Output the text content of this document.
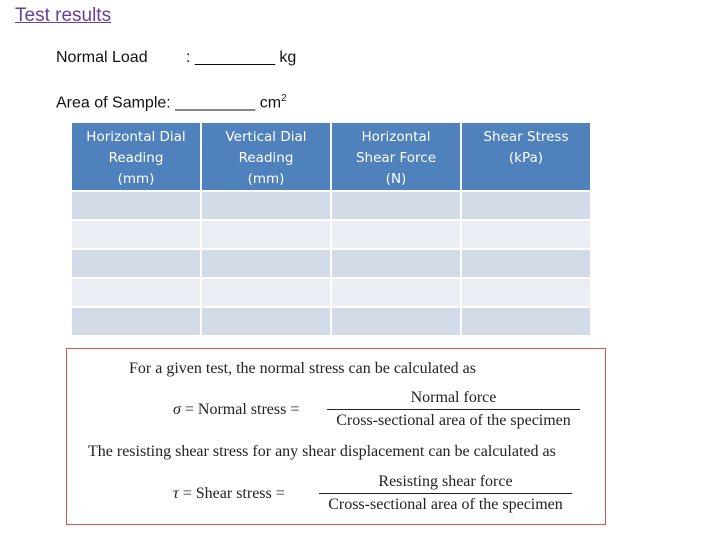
Test results
Normal Load : _________ kg
Area of Sample: _________ $cm^2$
Horizontal Dial
Reading
(mm)	Vertical Dial
Reading
(mm)	Horizontal
Shear Force
(N)	Shear Stress
(kPa)

For a given test, the normal stress can be calculated as
σ = Normal stress =
Normal force
Cross-sectional area of the specimen
The resisting shear stress for any shear displacement can be calculated as
τ = Shear stress =
Resisting shear force
Cross-sectional area of the specimen
